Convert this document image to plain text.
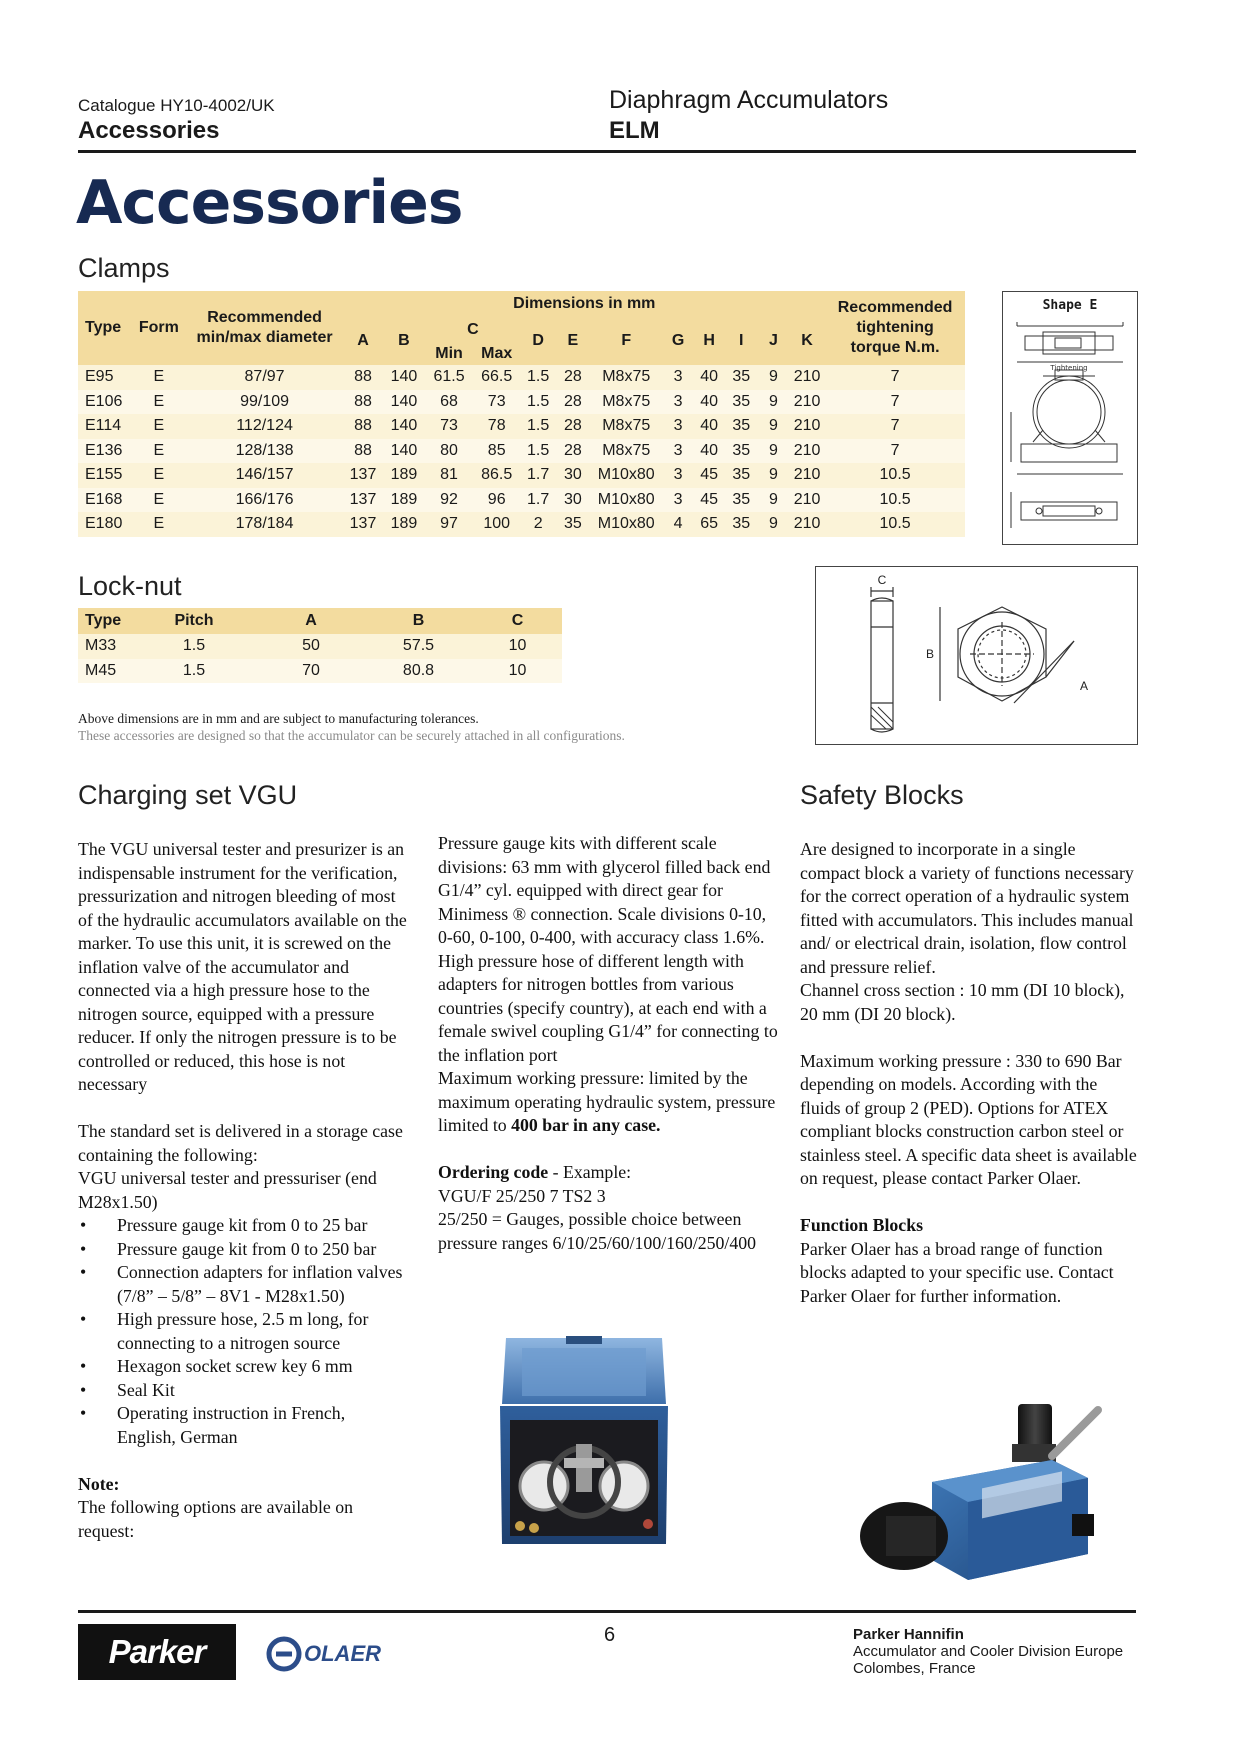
Catalogue HY10-4002/UK
Accessories
Diaphragm Accumulators
ELM
Accessories
Clamps
Type	Form	Recommended min/max diameter	Dimensions in mm												Recommended tightening torque N.m.
			A	B	C		D	E	F	G	H	I	J	K	
					Min	Max									
E95	E	87/97	88	140	61.5	66.5	1.5	28	M8x75	3	40	35	9	210	7
E106	E	99/109	88	140	68	73	1.5	28	M8x75	3	40	35	9	210	7
E114	E	112/124	88	140	73	78	1.5	28	M8x75	3	40	35	9	210	7
E136	E	128/138	88	140	80	85	1.5	28	M8x75	3	40	35	9	210	7
E155	E	146/157	137	189	81	86.5	1.7	30	M10x80	3	45	35	9	210	10.5
E168	E	166/176	137	189	92	96	1.7	30	M10x80	3	45	35	9	210	10.5
E180	E	178/184	137	189	97	100	2	35	M10x80	4	65	35	9	210	10.5
Shape E
Tightening
Lock-nut
Type	Pitch	A	B	C
M33	1.5	50	57.5	10
M45	1.5	70	80.8	10
C
B
A
Above dimensions are in mm and are subject to manufacturing tolerances.
These accessories are designed so that the accumulator can be securely attached in all configurations.
Charging set VGU

The VGU universal tester and presurizer is an indispensable instrument for the verification, pressurization and nitrogen bleeding of most of the hydraulic accumulators available on the marker. To use this unit, it is screwed on the inflation valve of the accumulator and connected via a high pressure hose to the nitrogen source, equipped with a pressure reducer. If only the nitrogen pressure is to be controlled or reduced, this hose is not necessary

The standard set is delivered in a storage case containing the following:

VGU universal tester and pressuriser (end M28x1.50)

• Pressure gauge kit from 0 to 25 bar
• Pressure gauge kit from 0 to 250 bar
• Connection adapters for inflation valves
(7/8” – 5/8” – 8V1 - M28x1.50)
• High pressure hose, 2.5 m long, for connecting to a nitrogen source
• Hexagon socket screw key 6 mm
• Seal Kit
• Operating instruction in French, English, German

Note:

The following options are available on request:

Pressure gauge kits with different scale divisions: 63 mm with glycerol filled back end G1/4” cyl. equipped with direct gear for Minimess ® connection. Scale divisions 0-10, 0-60, 0-100, 0-400, with accuracy class 1.6%.

High pressure hose of different length with adapters for nitrogen bottles from various countries (specify country), at each end with a female swivel coupling G1/4” for connecting to the inflation port

Maximum working pressure: limited by the maximum operating hydraulic system, pressure limited to 400 bar in any case.

Ordering code - Example:

VGU/F 25/250 7 TS2 3

25/250 = Gauges, possible choice between pressure ranges 6/10/25/60/100/160/250/400

Safety Blocks

Are designed to incorporate in a single compact block a variety of functions necessary for the correct operation of a hydraulic system fitted with accumulators. This includes manual and/ or electrical drain, isolation, flow control and pressure relief.

Channel cross section : 10 mm (DI 10 block), 20 mm (DI 20 block).

Maximum working pressure : 330 to 690 Bar depending on models. According with the fluids of group 2 (PED). Options for ATEX compliant blocks construction carbon steel or stainless steel. A specific data sheet is available on request, please contact Parker Olaer.

Function Blocks

Parker Olaer has a broad range of function blocks adapted to your specific use. Contact Parker Olaer for further information.

Parker	OLAER
6	Parker Hannifin
Accumulator and Cooler Division Europe
Colombes, France
